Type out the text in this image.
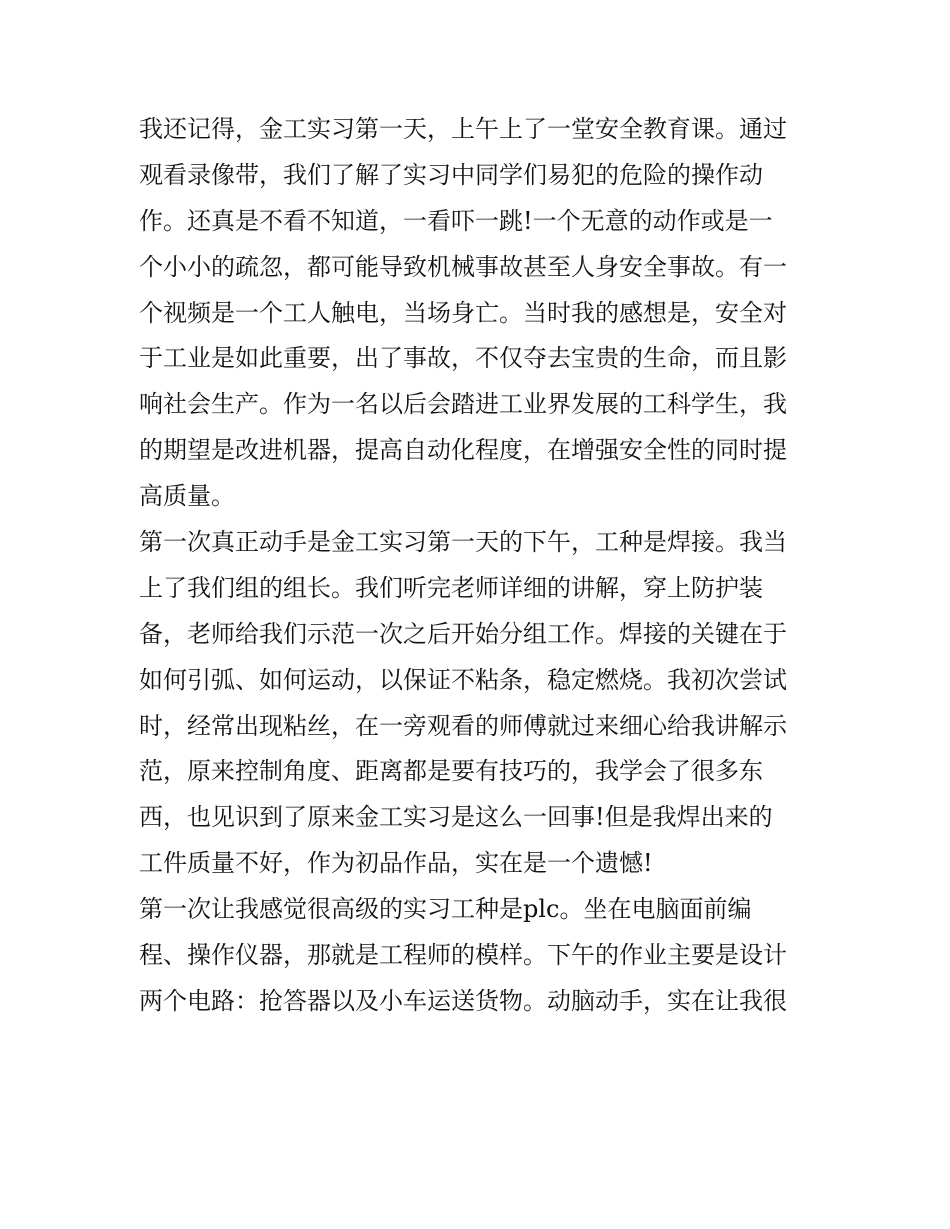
我还记得，金工实习第一天，上午上了一堂安全教育课。通过
观看录像带，我们了解了实习中同学们易犯的危险的操作动
作。还真是不看不知道，一看吓一跳!一个无意的动作或是一
个小小的疏忽，都可能导致机械事故甚至人身安全事故。有一
个视频是一个工人触电，当场身亡。当时我的感想是，安全对
于工业是如此重要，出了事故，不仅夺去宝贵的生命，而且影
响社会生产。作为一名以后会踏进工业界发展的工科学生，我
的期望是改进机器，提高自动化程度，在增强安全性的同时提
高质量。
第一次真正动手是金工实习第一天的下午，工种是焊接。我当
上了我们组的组长。我们听完老师详细的讲解，穿上防护装
备，老师给我们示范一次之后开始分组工作。焊接的关键在于
如何引弧、如何运动，以保证不粘条，稳定燃烧。我初次尝试
时，经常出现粘丝，在一旁观看的师傅就过来细心给我讲解示
范，原来控制角度、距离都是要有技巧的，我学会了很多东
西，也见识到了原来金工实习是这么一回事!但是我焊出来的
工件质量不好，作为初品作品，实在是一个遗憾!
第一次让我感觉很高级的实习工种是plc。坐在电脑面前编
程、操作仪器，那就是工程师的模样。下午的作业主要是设计
两个电路：抢答器以及小车运送货物。动脑动手，实在让我很
